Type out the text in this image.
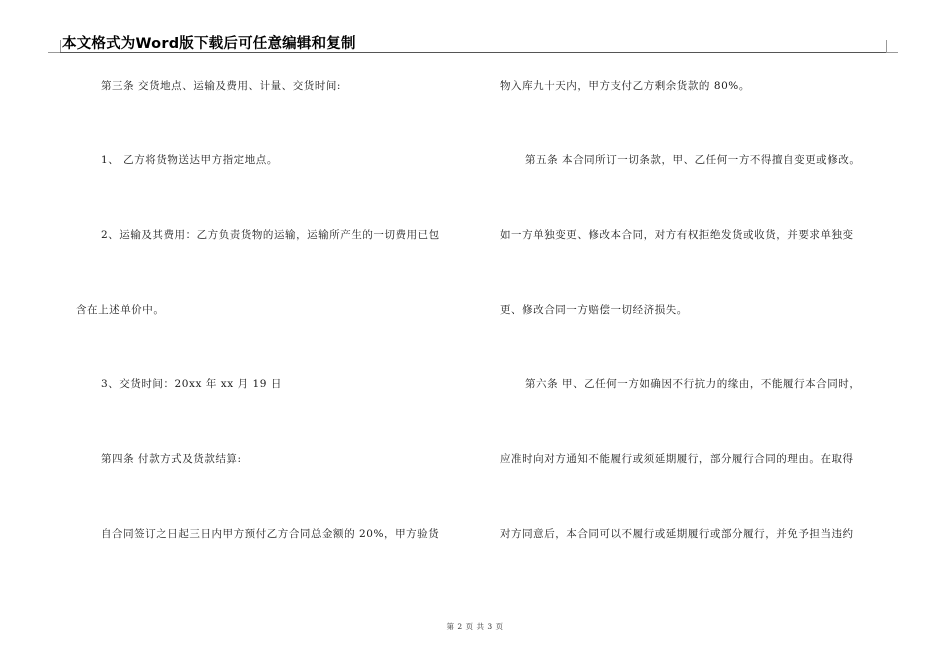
本文格式为Word版下载后可任意编辑和复制
第三条 交货地点、运输及费用、计量、交货时间:
1、 乙方将货物送达甲方指定地点。
2、运输及其费用：乙方负责货物的运输，运输所产生的一切费用已包
含在上述单价中。
3、交货时间：20xx 年 xx 月 19 日
第四条 付款方式及货款结算:
自合同签订之日起三日内甲方预付乙方合同总金额的 20%，甲方验货
物入库九十天内，甲方支付乙方剩余货款的 80%。
第五条 本合同所订一切条款，甲、乙任何一方不得擅自变更或修改。
如一方单独变更、修改本合同，对方有权拒绝发货或收货，并要求单独变
更、修改合同一方赔偿一切经济损失。
第六条 甲、乙任何一方如确因不行抗力的缘由，不能履行本合同时，
应准时向对方通知不能履行或须延期履行，部分履行合同的理由。在取得
对方同意后，本合同可以不履行或延期履行或部分履行，并免予担当违约
第 2 页 共 3 页
